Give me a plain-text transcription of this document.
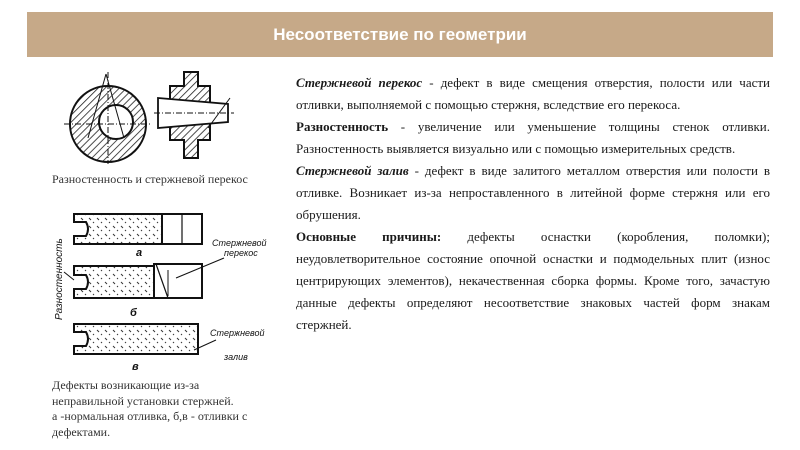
Несоответствие по геометрии
Разностенность и стержневой перекос
Разностенность	а
б
в
Стержневой
перекос
Стержневой
залив
Дефекты возникающие из-за
неправильной установки стержней.
а -нормальная отливка, б,в - отливки с
дефектами.

Стержневой перекос - дефект в виде смещения отверстия, полости или части отливки, выполняемой с помощью стержня, вследствие его перекоса.

Разностенность - увеличение или уменьшение толщины стенок отливки. Разностенность выявляется визуально или с помощью измерительных средств.

Стержневой залив - дефект в виде залитого металлом отверстия или полости в отливке. Возникает из-за непроставленного в литейной форме стержня или его обрушения.

Основные причины: дефекты оснастки (коробления, поломки); неудовлетворительное состояние опочной оснастки и подмодельных плит (износ центрирующих элементов), некачественная сборка формы. Кроме того, зачастую данные дефекты определяют несоответствие знаковых частей форм знакам стержней.
